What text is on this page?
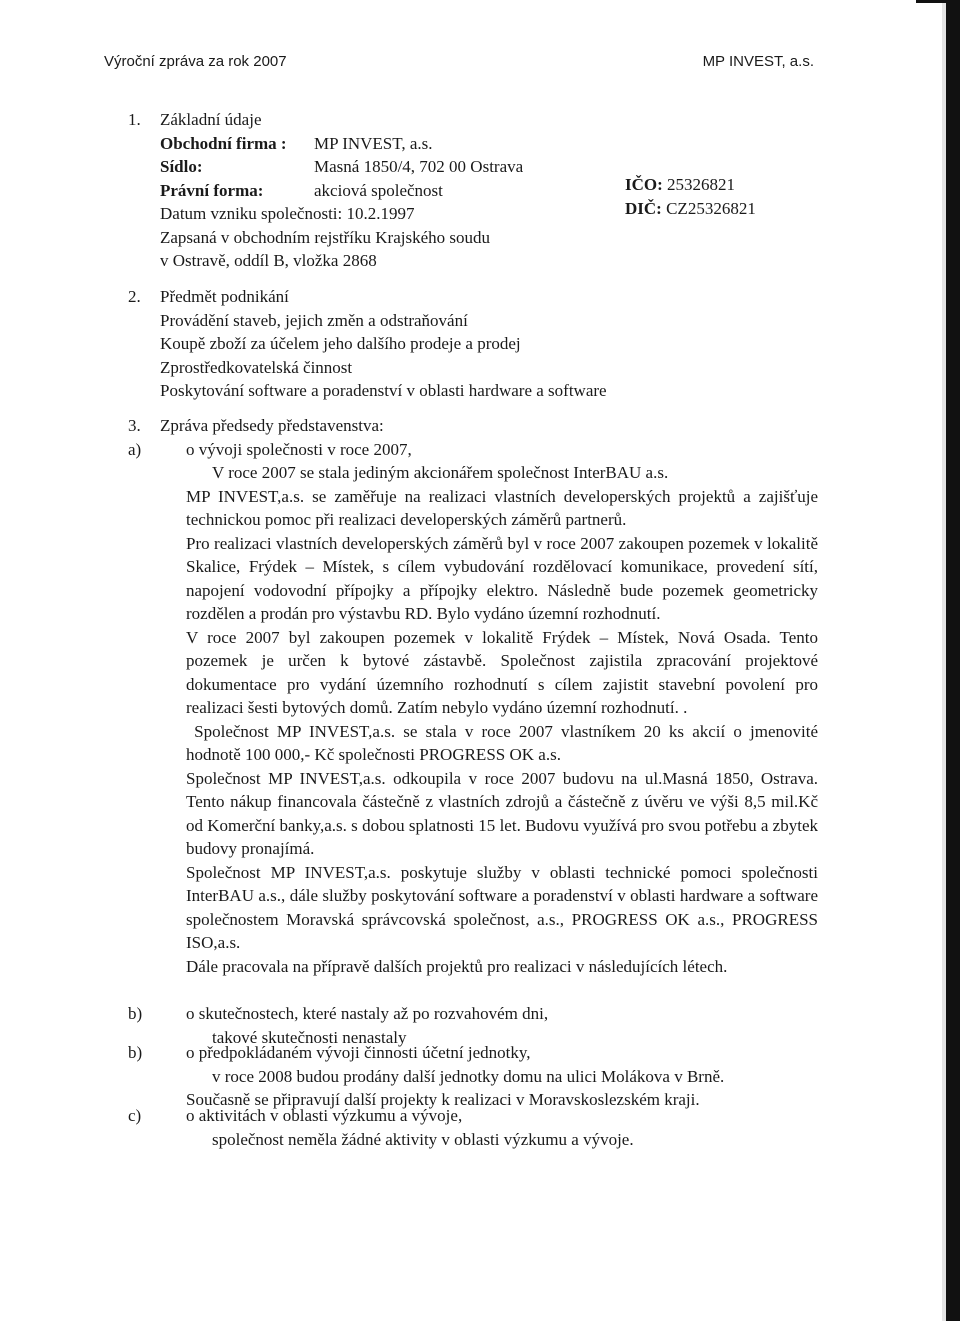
Výroční zpráva za rok 2007	MP INVEST, a.s.
1. Základní údaje
Obchodní firma :	MP INVEST, a.s.
Sídlo:	Masná 1850/4, 702 00 Ostrava
Právní forma:	akciová společnost
Datum vzniku společnosti: 10.2.1997
Zapsaná v obchodním rejstříku Krajského soudu
v Ostravě, oddíl B, vložka 2868
IČO: 25326821
DIČ: CZ25326821
2. Předmět podnikání
Provádění staveb, jejich změn a odstraňování
Koupě zboží za účelem jeho dalšího prodeje a prodej
Zprostředkovatelská činnost
Poskytování software a poradenství v oblasti hardware a software
3. Zpráva předsedy představenstva:
a)	o vývoji společnosti v roce 2007,
V roce 2007 se stala jediným akcionářem společnost InterBAU a.s.
MP INVEST,a.s. se zaměřuje na realizaci vlastních developerských projektů a zajišťuje technickou pomoc při realizaci developerských záměrů partnerů.
Pro realizaci vlastních developerských záměrů byl v roce 2007 zakoupen pozemek v lokalitě Skalice, Frýdek – Místek, s cílem vybudování rozdělovací komunikace, provedení sítí, napojení vodovodní přípojky a přípojky elektro. Následně bude pozemek geometricky rozdělen a prodán pro výstavbu RD. Bylo vydáno územní rozhodnutí.
V roce 2007 byl zakoupen pozemek v lokalitě Frýdek – Místek, Nová Osada. Tento pozemek je určen k bytové zástavbě. Společnost zajistila zpracování projektové dokumentace pro vydání územního rozhodnutí s cílem zajistit stavební povolení pro realizaci šesti bytových domů. Zatím nebylo vydáno územní rozhodnutí. .
Společnost MP INVEST,a.s. se stala v roce 2007 vlastníkem 20 ks akcií o jmenovité hodnotě 100 000,- Kč společnosti PROGRESS OK a.s.
Společnost MP INVEST,a.s. odkoupila v roce 2007 budovu na ul.Masná 1850, Ostrava. Tento nákup financovala částečně z vlastních zdrojů a částečně z úvěru ve výši 8,5 mil.Kč od Komerční banky,a.s. s dobou splatnosti 15 let. Budovu využívá pro svou potřebu a zbytek budovy pronajímá.
Společnost MP INVEST,a.s. poskytuje služby v oblasti technické pomoci společnosti InterBAU a.s., dále služby poskytování software a poradenství v oblasti hardware a software společnostem Moravská správcovská společnost, a.s., PROGRESS OK a.s., PROGRESS ISO,a.s.
Dále pracovala na přípravě dalších projektů pro realizaci v následujících létech.
b)	o skutečnostech, které nastaly až po rozvahovém dni,
takové skutečnosti nenastaly
b)	o předpokládaném vývoji činnosti účetní jednotky,
v roce 2008 budou prodány další jednotky domu na ulici Molákova v Brně.
Současně se připravují další projekty k realizaci v Moravskoslezském kraji.
c)	o aktivitách v oblasti výzkumu a vývoje,
společnost neměla žádné aktivity v oblasti výzkumu a vývoje.
